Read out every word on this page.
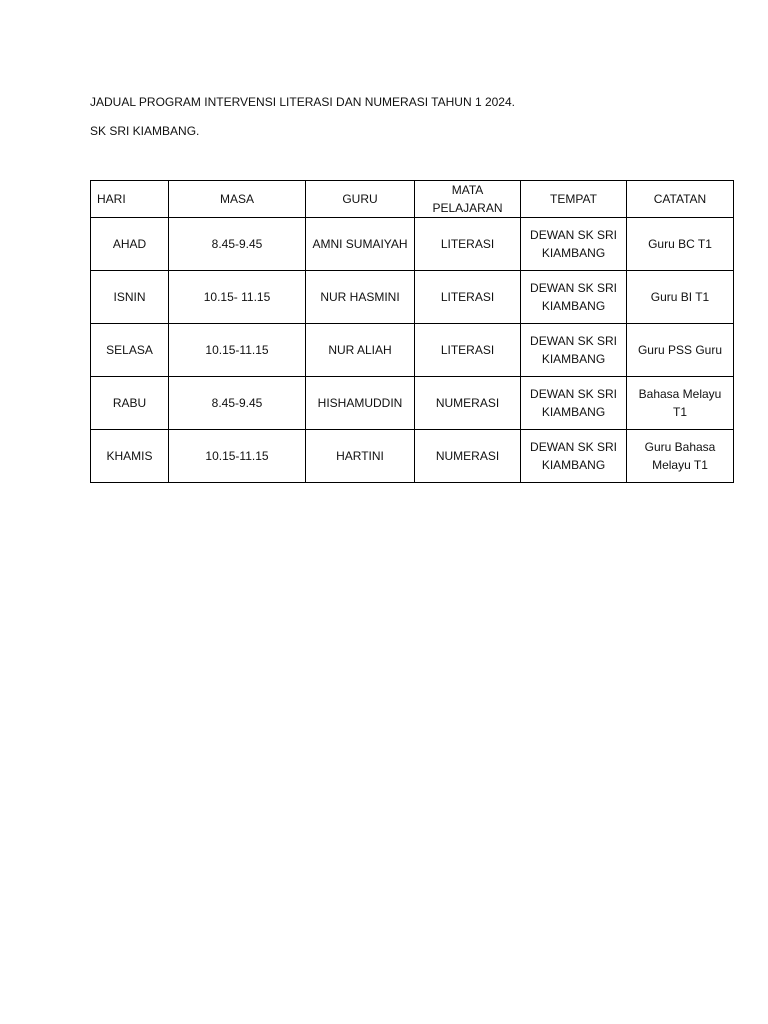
JADUAL PROGRAM INTERVENSI LITERASI DAN NUMERASI TAHUN 1 2024.
SK SRI KIAMBANG.
HARI	MASA	GURU	MATA PELAJARAN	TEMPAT	CATATAN
AHAD	8.45-9.45	AMNI SUMAIYAH	LITERASI	DEWAN SK SRI KIAMBANG	Guru BC T1
ISNIN	10.15- 11.15	NUR HASMINI	LITERASI	DEWAN SK SRI KIAMBANG	Guru BI T1
SELASA	10.15-11.15	NUR ALIAH	LITERASI	DEWAN SK SRI KIAMBANG	Guru PSS Guru
RABU	8.45-9.45	HISHAMUDDIN	NUMERASI	DEWAN SK SRI KIAMBANG	Bahasa Melayu T1
KHAMIS	10.15-11.15	HARTINI	NUMERASI	DEWAN SK SRI KIAMBANG	Guru Bahasa Melayu T1
